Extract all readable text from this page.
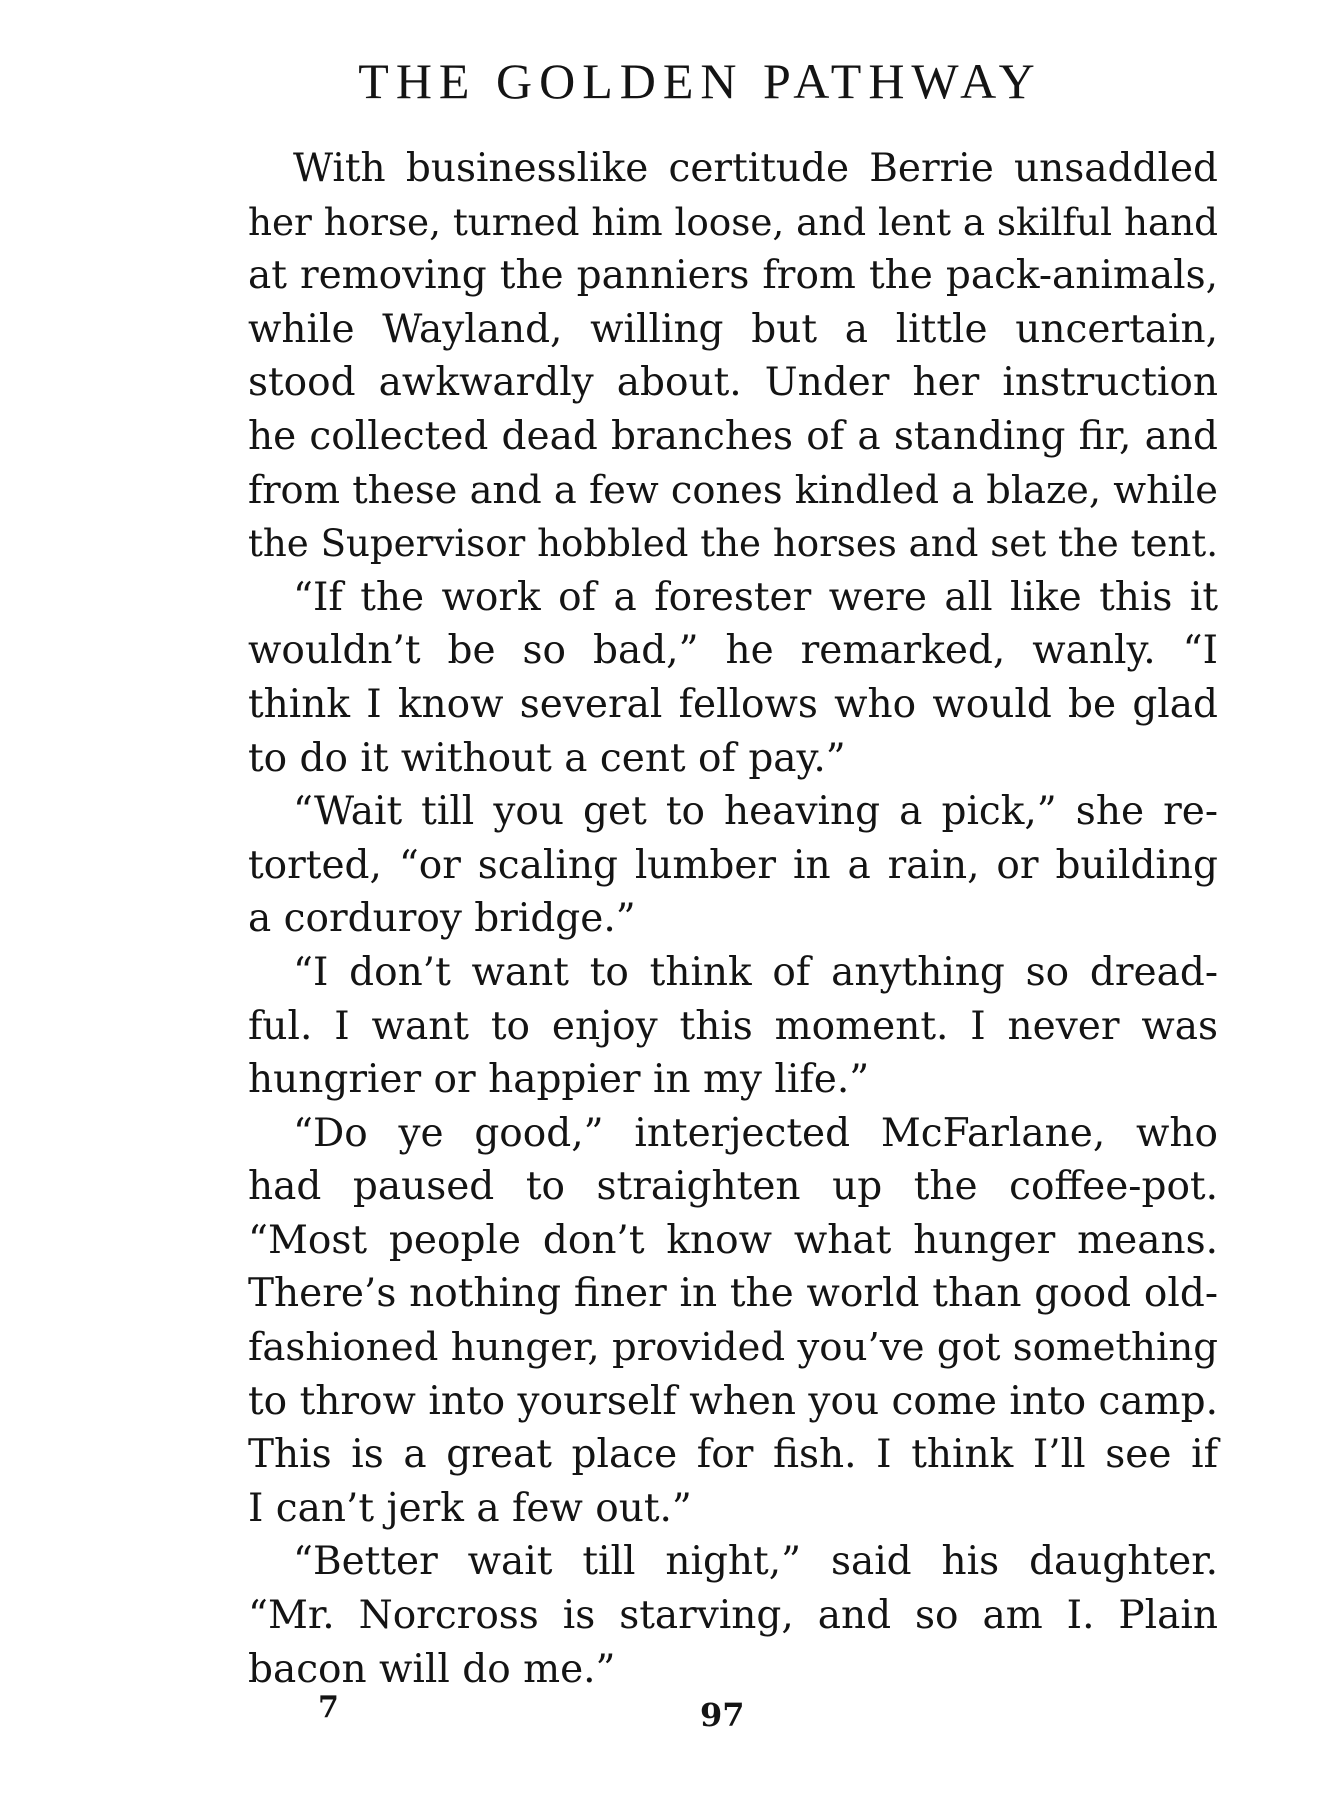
THE GOLDEN PATHWAY
With businesslike certitude Berrie unsaddled
her horse, turned him loose, and lent a skilful hand
at removing the panniers from the pack-animals,
while Wayland, willing but a little uncertain,
stood awkwardly about. Under her instruction
he collected dead branches of a standing fir, and
from these and a few cones kindled a blaze, while
the Supervisor hobbled the horses and set the tent.
“If the work of a forester were all like this it
wouldn’t be so bad,” he remarked, wanly. “I
think I know several fellows who would be glad
to do it without a cent of pay.”
“Wait till you get to heaving a pick,” she re-
torted, “or scaling lumber in a rain, or building
a corduroy bridge.”
“I don’t want to think of anything so dread-
ful. I want to enjoy this moment. I never was
hungrier or happier in my life.”
“Do ye good,” interjected McFarlane, who
had paused to straighten up the coffee-pot.
“Most people don’t know what hunger means.
There’s nothing finer in the world than good old-
fashioned hunger, provided you’ve got something
to throw into yourself when you come into camp.
This is a great place for fish. I think I’ll see if
I can’t jerk a few out.”
“Better wait till night,” said his daughter.
“Mr. Norcross is starving, and so am I. Plain
bacon will do me.”
7	97
